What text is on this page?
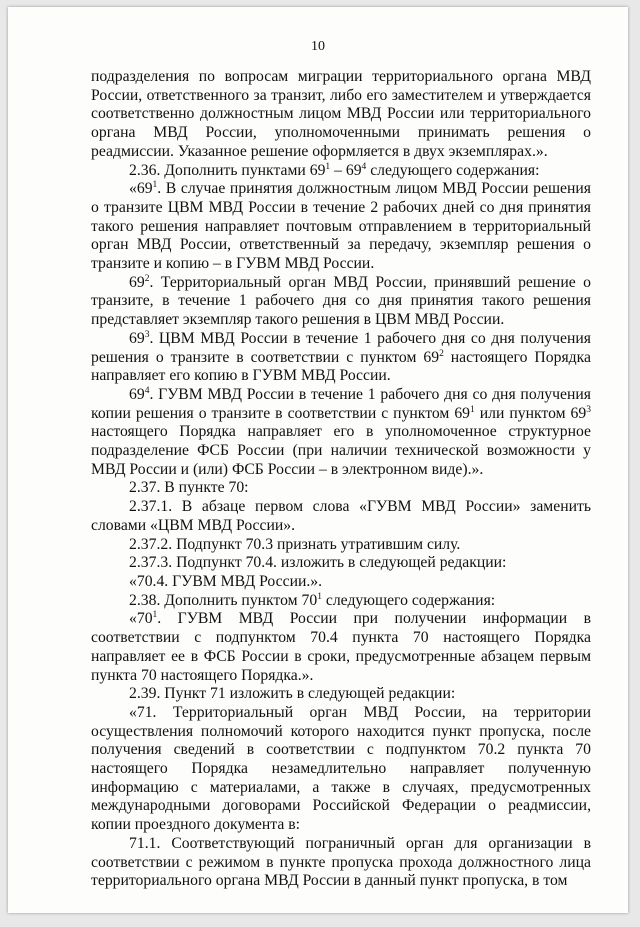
10

подразделения по вопросам миграции территориального органа МВД России, ответственного за транзит, либо его заместителем и утверждается соответственно должностным лицом МВД России или территориального органа МВД России, уполномоченными принимать решения о реадмиссии. Указанное решение оформляется в двух экземплярах.».

2.36. Дополнить пунктами $69^1 - 69^4$ следующего содержания:

«$69^1$. В случае принятия должностным лицом МВД России решения о транзите ЦВМ МВД России в течение 2 рабочих дней со дня принятия такого решения направляет почтовым отправлением в территориальный орган МВД России, ответственный за передачу, экземпляр решения о транзите и копию – в ГУВМ МВД России.

$69^2$. Территориальный орган МВД России, принявший решение о транзите, в течение 1 рабочего дня со дня принятия такого решения представляет экземпляр такого решения в ЦВМ МВД России.

$69^3$. ЦВМ МВД России в течение 1 рабочего дня со дня получения решения о транзите в соответствии с пунктом $69^2$ настоящего Порядка направляет его копию в ГУВМ МВД России.

$69^4$. ГУВМ МВД России в течение 1 рабочего дня со дня получения копии решения о транзите в соответствии с пунктом $69^1$ или пунктом $69^3$ настоящего Порядка направляет его в уполномоченное структурное подразделение ФСБ России (при наличии технической возможности у МВД России и (или) ФСБ России – в электронном виде).».

2.37. В пункте 70:

2.37.1. В абзаце первом слова «ГУВМ МВД России» заменить словами «ЦВМ МВД России».

2.37.2. Подпункт 70.3 признать утратившим силу.

2.37.3. Подпункт 70.4. изложить в следующей редакции:

«70.4. ГУВМ МВД России.».

2.38. Дополнить пунктом $70^1$ следующего содержания:

«$70^1$. ГУВМ МВД России при получении информации в соответствии с подпунктом 70.4 пункта 70 настоящего Порядка направляет ее в ФСБ России в сроки, предусмотренные абзацем первым пункта 70 настоящего Порядка.».

2.39. Пункт 71 изложить в следующей редакции:

«71. Территориальный орган МВД России, на территории осуществления полномочий которого находится пункт пропуска, после получения сведений в соответствии с подпунктом 70.2 пункта 70 настоящего Порядка незамедлительно направляет полученную информацию с материалами, а также в случаях, предусмотренных международными договорами Российской Федерации о реадмиссии, копии проездного документа в:

71.1. Соответствующий пограничный орган для организации в соответствии с режимом в пункте пропуска прохода должностного лица территориального органа МВД России в данный пункт пропуска, в том
